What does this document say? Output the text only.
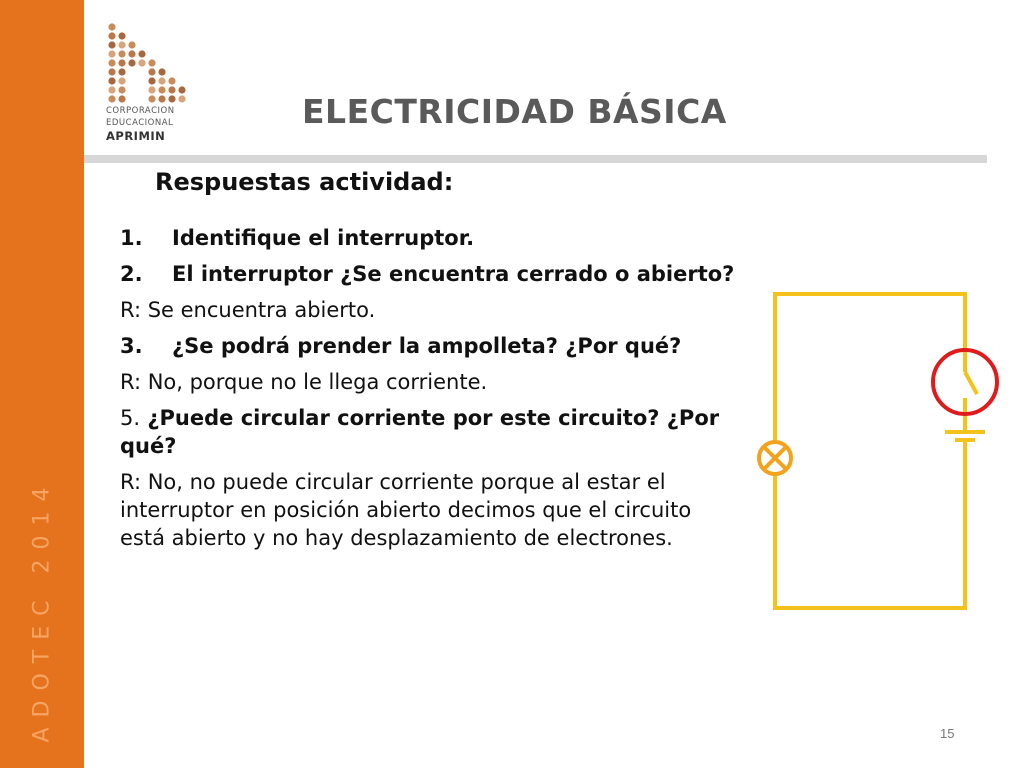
ADOTEC 2014
CORPORACION
EDUCACIONAL
APRIMIN
ELECTRICIDAD BÁSICA
Respuestas actividad:
1. Identifique el interruptor.
2. El interruptor ¿Se encuentra cerrado o abierto?
R: Se encuentra abierto.
3. ¿Se podrá prender la ampolleta? ¿Por qué?
R: No, porque no le llega corriente.
5. ¿Puede circular corriente por este circuito? ¿Por qué?
R: No, no puede circular corriente porque al estar el interruptor en posición abierto decimos que el circuito está abierto y no hay desplazamiento de electrones.
15
